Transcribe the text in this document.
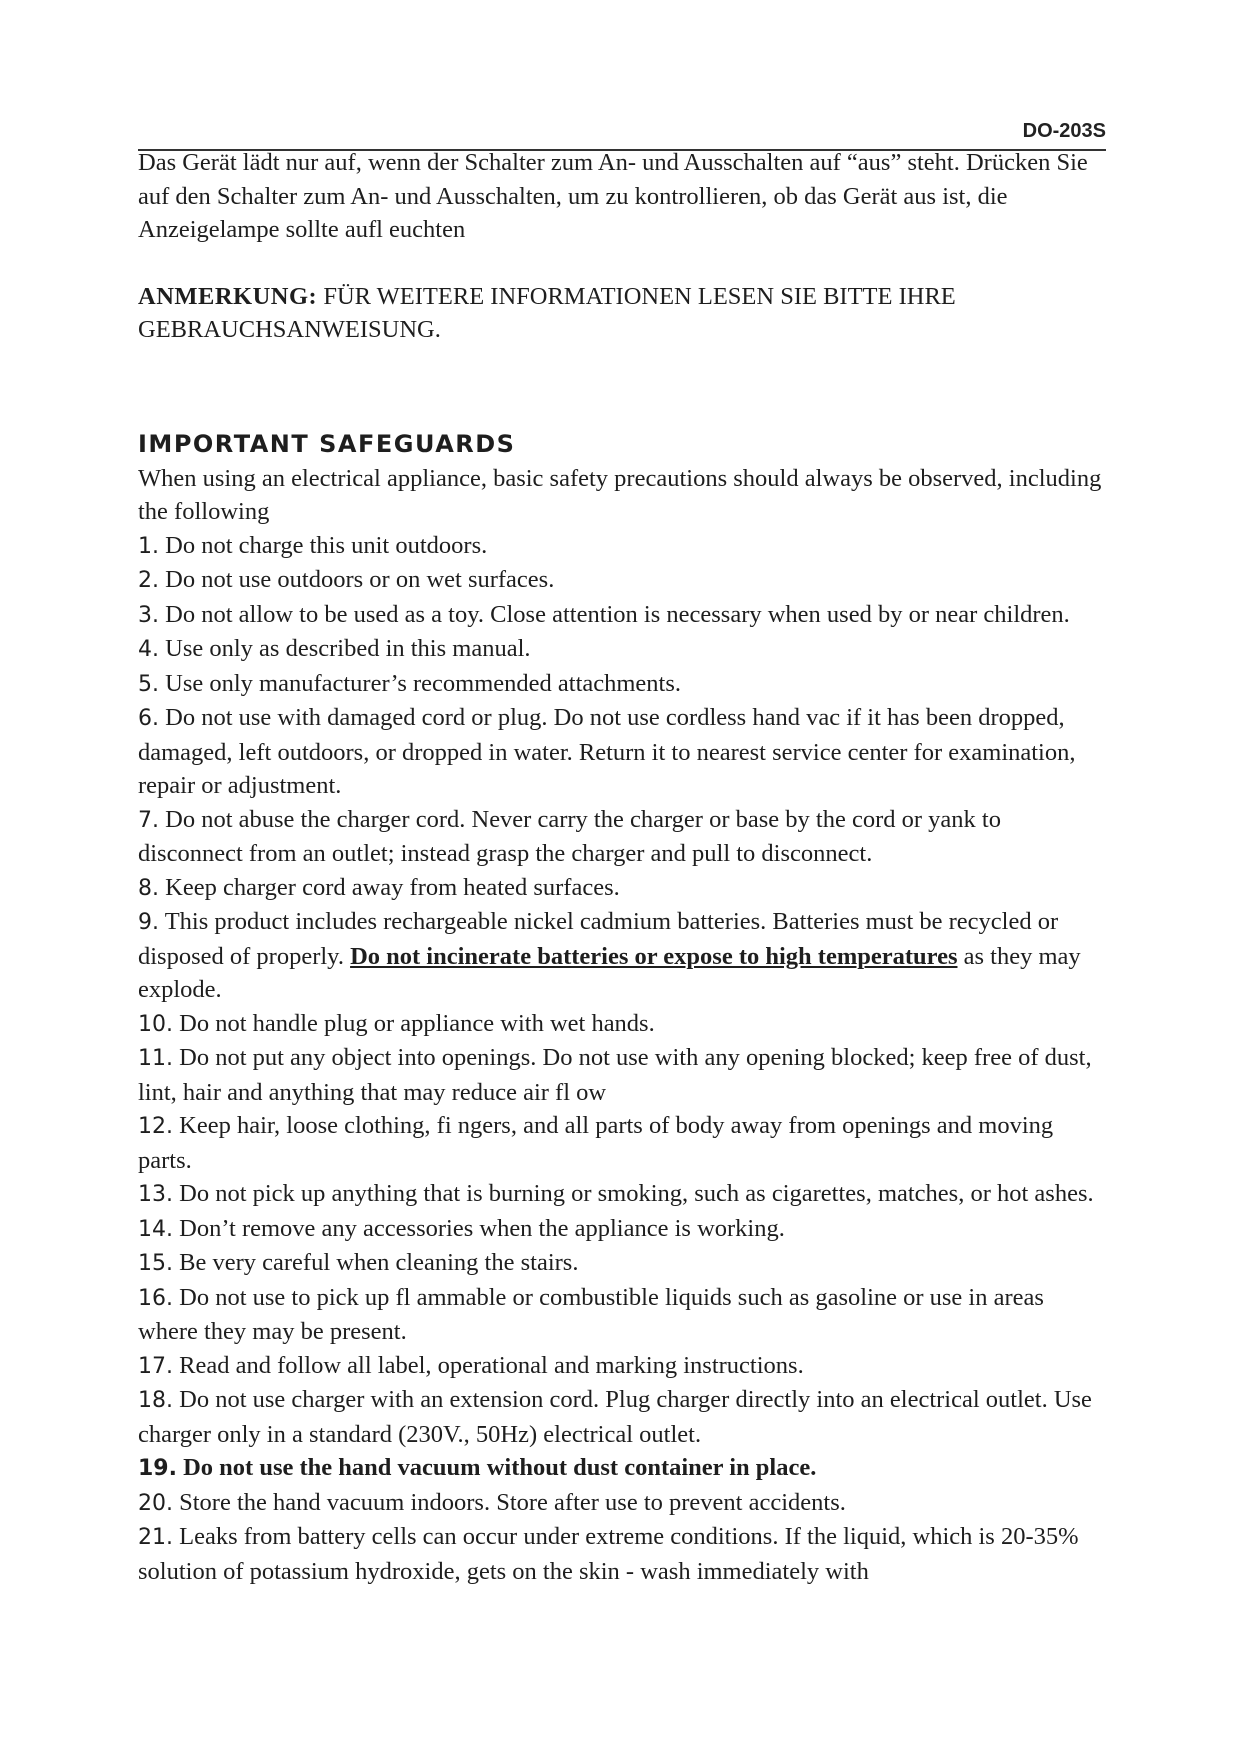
DO-203S

Das Gerät lädt nur auf, wenn der Schalter zum An- und Ausschalten auf “aus” steht. Drücken Sie auf den Schalter zum An- und Ausschalten, um zu kontrollieren, ob das Gerät aus ist, die Anzeigelampe sollte aufl euchten

ANMERKUNG: FÜR WEITERE INFORMATIONEN LESEN SIE BITTE IHRE GEBRAUCHSANWEISUNG.

IMPORTANT SAFEGUARDS

When using an electrical appliance, basic safety precautions should always be observed, including the following

1. Do not charge this unit outdoors.
2. Do not use outdoors or on wet surfaces.
3. Do not allow to be used as a toy. Close attention is necessary when used by or near children.
4. Use only as described in this manual.
5. Use only manufacturer’s recommended attachments.
6. Do not use with damaged cord or plug. Do not use cordless hand vac if it has been dropped, damaged, left outdoors, or dropped in water. Return it to nearest service center for examination, repair or adjustment.
7. Do not abuse the charger cord. Never carry the charger or base by the cord or yank to disconnect from an outlet; instead grasp the charger and pull to disconnect.
8. Keep charger cord away from heated surfaces.
9. This product includes rechargeable nickel cadmium batteries. Batteries must be recycled or disposed of properly. Do not incinerate batteries or expose to high temperatures as they may explode.
10. Do not handle plug or appliance with wet hands.
11. Do not put any object into openings. Do not use with any opening blocked; keep free of dust, lint, hair and anything that may reduce air fl ow
12. Keep hair, loose clothing, fi ngers, and all parts of body away from openings and moving parts.
13. Do not pick up anything that is burning or smoking, such as cigarettes, matches, or hot ashes.
14. Don’t remove any accessories when the appliance is working.
15. Be very careful when cleaning the stairs.
16. Do not use to pick up fl ammable or combustible liquids such as gasoline or use in areas where they may be present.
17. Read and follow all label, operational and marking instructions.
18. Do not use charger with an extension cord. Plug charger directly into an electrical outlet. Use charger only in a standard (230V., 50Hz) electrical outlet.
19. Do not use the hand vacuum without dust container in place.
20. Store the hand vacuum indoors. Store after use to prevent accidents.
21. Leaks from battery cells can occur under extreme conditions. If the liquid, which is 20-35% solution of potassium hydroxide, gets on the skin - wash immediately with
